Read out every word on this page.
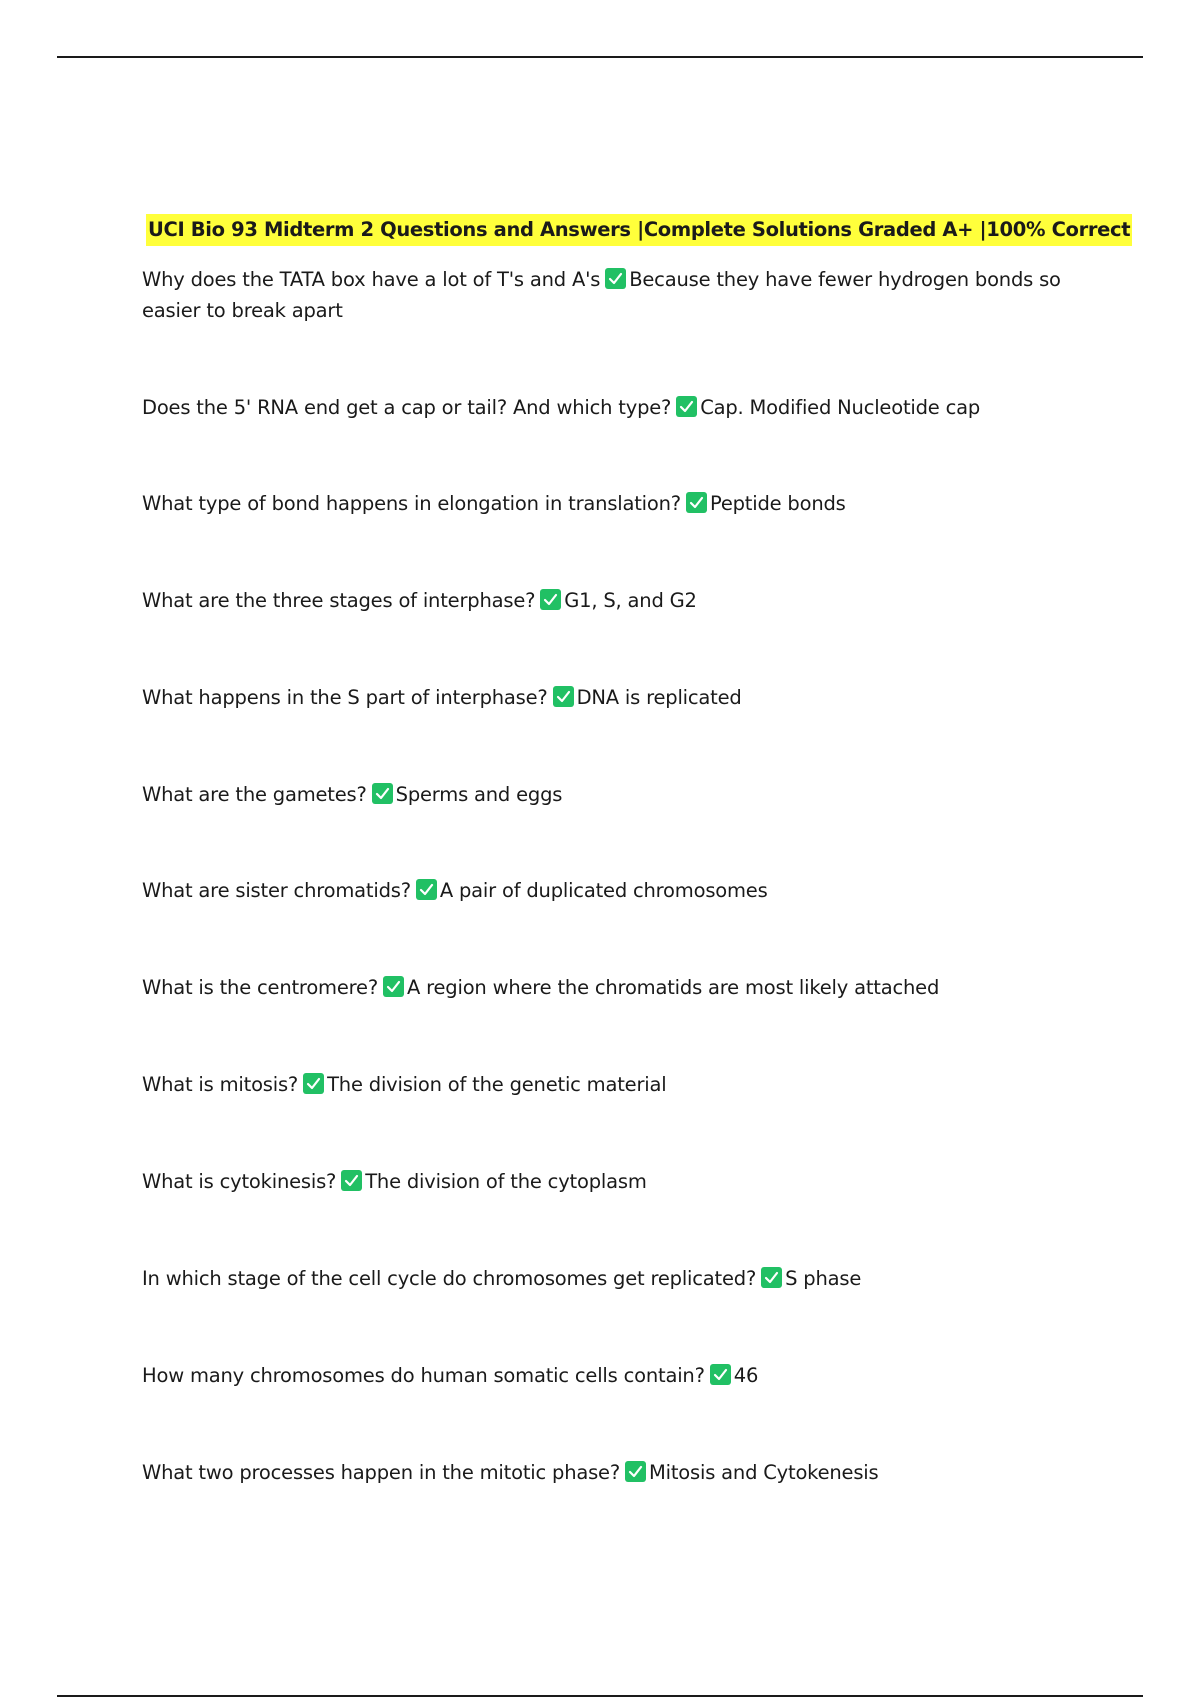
UCI Bio 93 Midterm 2 Questions and Answers |Complete Solutions Graded A+ |100% Correct
Why does the TATA box have a lot of T's and A's Because they have fewer hydrogen bonds so easier to break apart
Does the 5' RNA end get a cap or tail? And which type? Cap. Modified Nucleotide cap
What type of bond happens in elongation in translation? Peptide bonds
What are the three stages of interphase? G1, S, and G2
What happens in the S part of interphase? DNA is replicated
What are the gametes? Sperms and eggs
What are sister chromatids? A pair of duplicated chromosomes
What is the centromere? A region where the chromatids are most likely attached
What is mitosis? The division of the genetic material
What is cytokinesis? The division of the cytoplasm
In which stage of the cell cycle do chromosomes get replicated? S phase
How many chromosomes do human somatic cells contain? 46
What two processes happen in the mitotic phase? Mitosis and Cytokenesis
